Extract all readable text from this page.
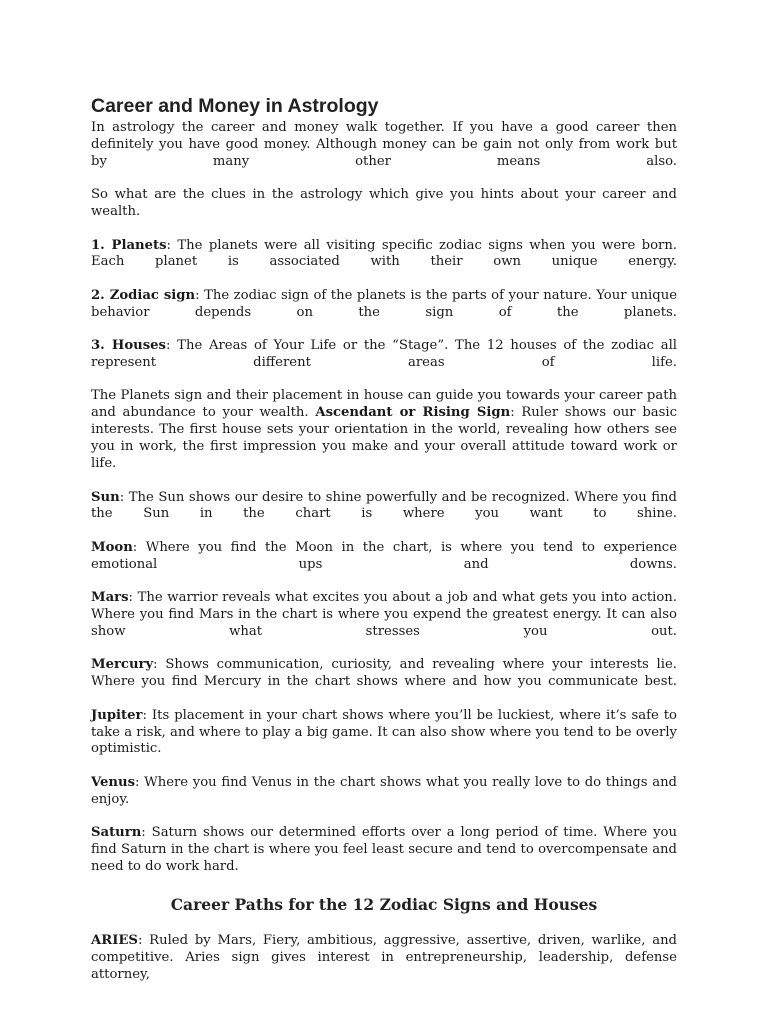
Career and Money in Astrology

In astrology the career and money walk together. If you have a good career then definitely you have good money. Although money can be gain not only from work but by many other means also.

So what are the clues in the astrology which give you hints about your career and wealth.

1. Planets: The planets were all visiting specific zodiac signs when you were born. Each planet is associated with their own unique energy.

2. Zodiac sign: The zodiac sign of the planets is the parts of your nature. Your unique behavior depends on the sign of the planets.

3. Houses: The Areas of Your Life or the “Stage”. The 12 houses of the zodiac all represent different areas of life.

The Planets sign and their placement in house can guide you towards your career path and abundance to your wealth. Ascendant or Rising Sign: Ruler shows our basic interests. The first house sets your orientation in the world, revealing how others see you in work, the first impression you make and your overall attitude toward work or life.

Sun: The Sun shows our desire to shine powerfully and be recognized. Where you find the Sun in the chart is where you want to shine.

Moon: Where you find the Moon in the chart, is where you tend to experience emotional ups and downs.

Mars: The warrior reveals what excites you about a job and what gets you into action. Where you find Mars in the chart is where you expend the greatest energy. It can also show what stresses you out.

Mercury: Shows communication, curiosity, and revealing where your interests lie. Where you find Mercury in the chart shows where and how you communicate best.

Jupiter: Its placement in your chart shows where you’ll be luckiest, where it’s safe to take a risk, and where to play a big game. It can also show where you tend to be overly optimistic.

Venus: Where you find Venus in the chart shows what you really love to do things and enjoy.

Saturn: Saturn shows our determined efforts over a long period of time. Where you find Saturn in the chart is where you feel least secure and tend to overcompensate and need to do work hard.

Career Paths for the 12 Zodiac Signs and Houses

ARIES: Ruled by Mars, Fiery, ambitious, aggressive, assertive, driven, warlike, and competitive. Aries sign gives interest in entrepreneurship, leadership, defense attorney,
